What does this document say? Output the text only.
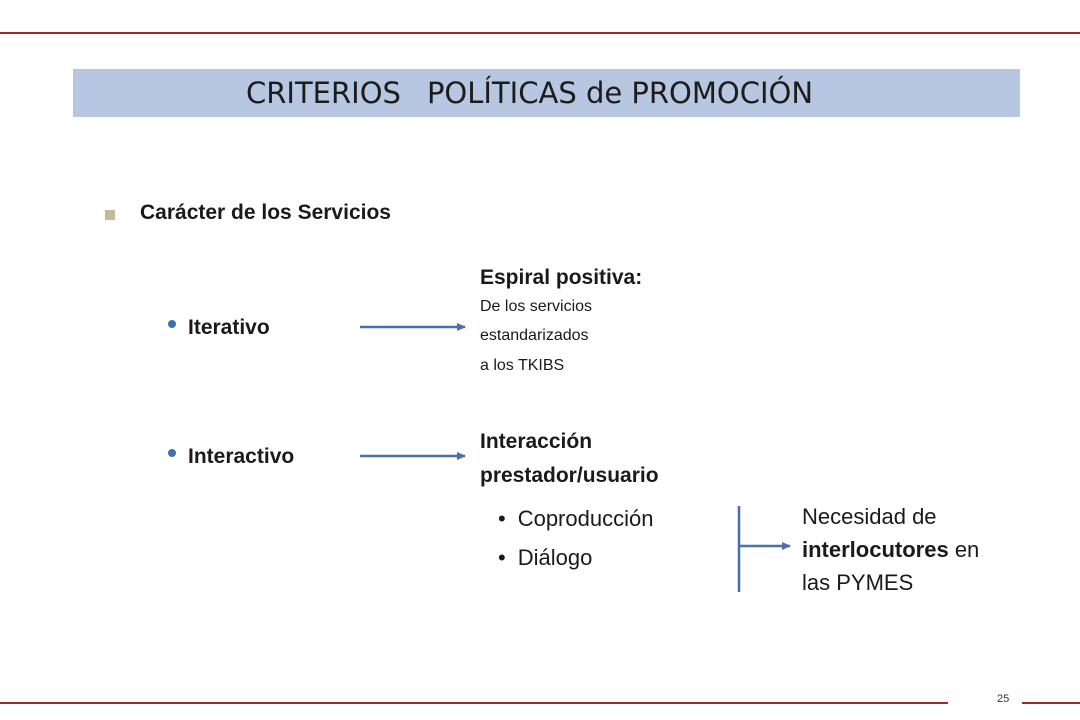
CRITERIOS POLÍTICAS de PROMOCIÓN
Carácter de los Servicios
Iterativo
Espiral positiva:
De los servicios
estandarizados
a los TKIBS
Interactivo
Interacción
prestador/usuario
• Coproducción
• Diálogo
Necesidad de
interlocutores en
las PYMES
25
